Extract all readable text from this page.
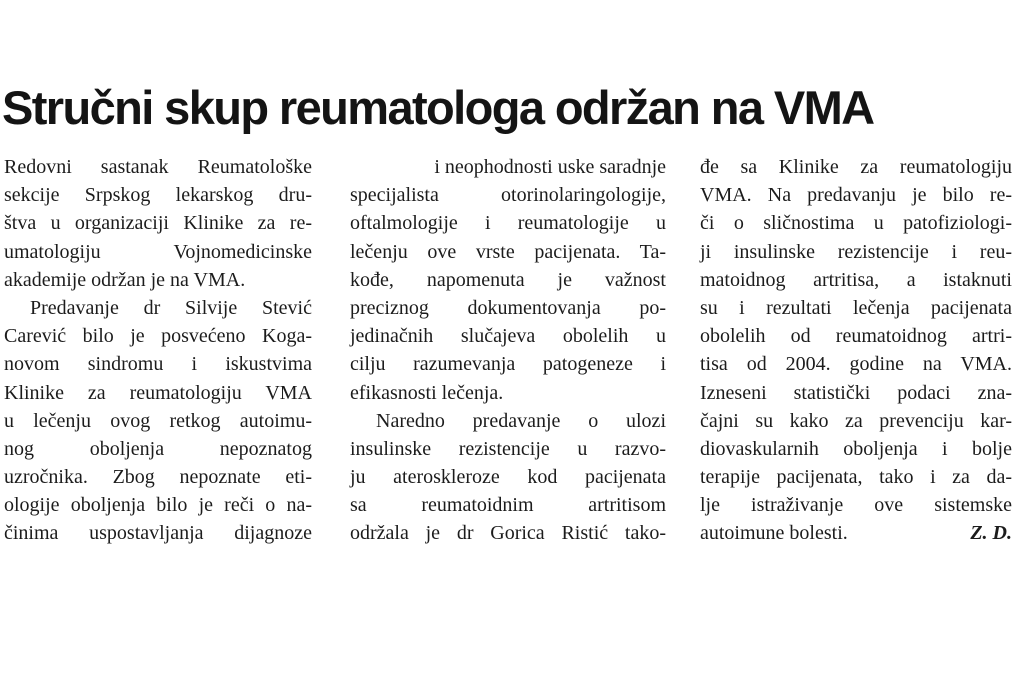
Stručni skup reumatologa održan na VMA
Redovni sastanak Reumatološke
sekcije Srpskog lekarskog dru-
štva u organizaciji Klinike za re-
umatologiju Vojnomedicinske
akademije održan je na VMA.
Predavanje dr Silvije Stević
Carević bilo je posvećeno Koga-
novom sindromu i iskustvima
Klinike za reumatologiju VMA
u lečenju ovog retkog autoimu-
nog oboljenja nepoznatog
uzročnika. Zbog nepoznate eti-
ologije oboljenja bilo je reči o na-
činima uspostavljanja dijagnoze
i neophodnosti uske saradnje
specijalista otorinolaringologije,
oftalmologije i reumatologije u
lečenju ove vrste pacijenata. Ta-
kođe, napomenuta je važnost
preciznog dokumentovanja po-
jedinačnih slučajeva obolelih u
cilju razumevanja patogeneze i
efikasnosti lečenja.
Naredno predavanje o ulozi
insulinske rezistencije u razvo-
ju ateroskleroze kod pacijenata
sa reumatoidnim artritisom
održala je dr Gorica Ristić tako-
đe sa Klinike za reumatologiju
VMA. Na predavanju je bilo re-
či o sličnostima u patofiziologi-
ji insulinske rezistencije i reu-
matoidnog artritisa, a istaknuti
su i rezultati lečenja pacijenata
obolelih od reumatoidnog artri-
tisa od 2004. godine na VMA.
Izneseni statistički podaci zna-
čajni su kako za prevenciju kar-
diovaskularnih oboljenja i bolje
terapije pacijenata, tako i za da-
lje istraživanje ove sistemske
autoimune bolesti.	Z. D.
